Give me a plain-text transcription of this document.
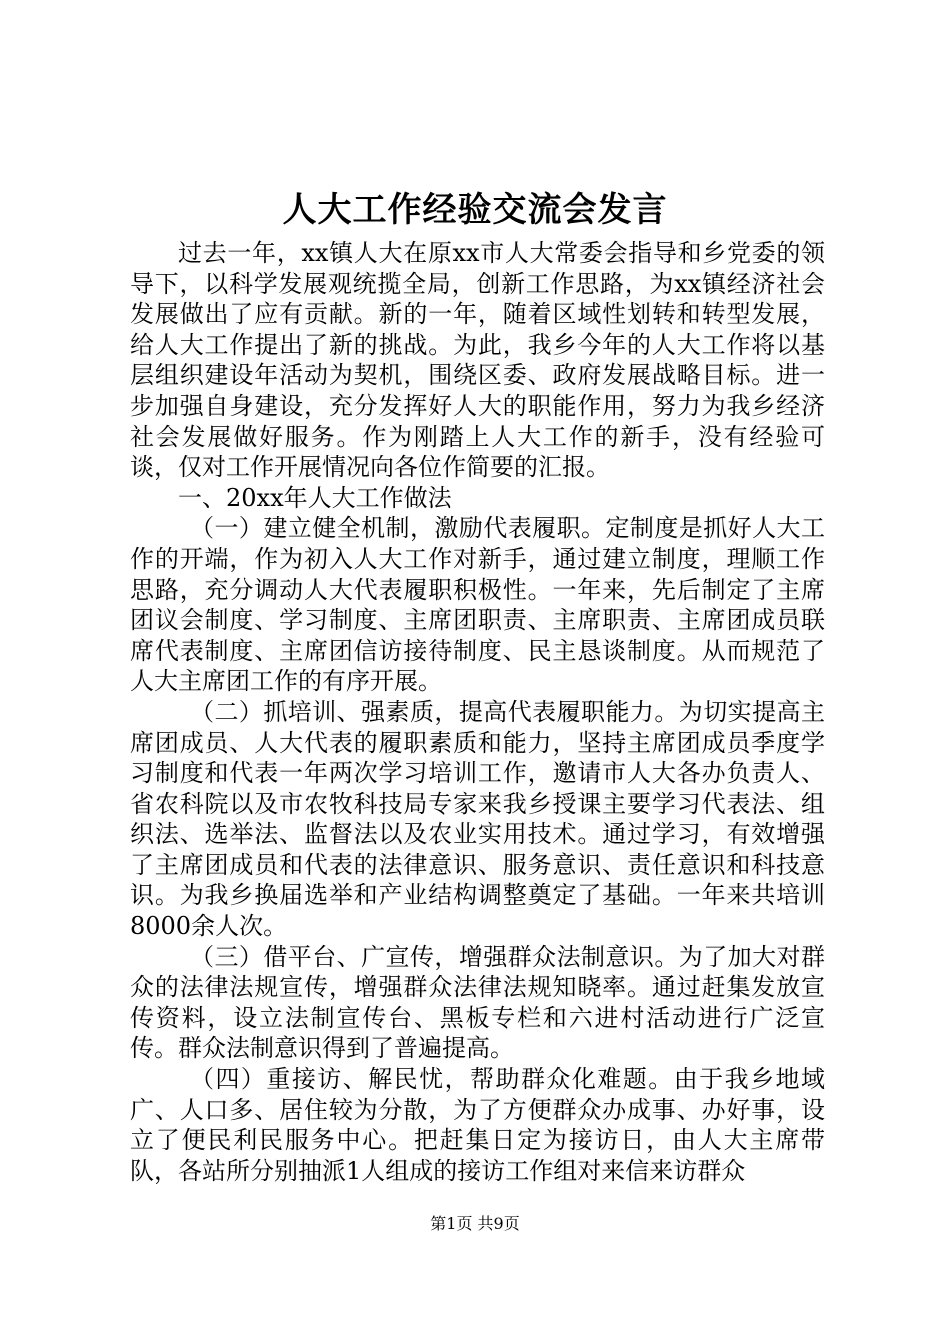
人大工作经验交流会发言

过去一年，xx镇人大在原xx市人大常委会指导和乡党委的领导下，以科学发展观统揽全局，创新工作思路，为xx镇经济社会发展做出了应有贡献。新的一年，随着区域性划转和转型发展，给人大工作提出了新的挑战。为此，我乡今年的人大工作将以基层组织建设年活动为契机，围绕区委、政府发展战略目标。进一步加强自身建设，充分发挥好人大的职能作用，努力为我乡经济社会发展做好服务。作为刚踏上人大工作的新手，没有经验可谈，仅对工作开展情况向各位作简要的汇报。

一、20xx年人大工作做法

（一）建立健全机制，激励代表履职。定制度是抓好人大工作的开端，作为初入人大工作对新手，通过建立制度，理顺工作思路，充分调动人大代表履职积极性。一年来，先后制定了主席团议会制度、学习制度、主席团职责、主席职责、主席团成员联席代表制度、主席团信访接待制度、民主恳谈制度。从而规范了人大主席团工作的有序开展。

（二）抓培训、强素质，提高代表履职能力。为切实提高主席团成员、人大代表的履职素质和能力，坚持主席团成员季度学习制度和代表一年两次学习培训工作，邀请市人大各办负责人、省农科院以及市农牧科技局专家来我乡授课主要学习代表法、组织法、选举法、监督法以及农业实用技术。通过学习，有效增强了主席团成员和代表的法律意识、服务意识、责任意识和科技意识。为我乡换届选举和产业结构调整奠定了基础。一年来共培训8000余人次。

（三）借平台、广宣传，增强群众法制意识。为了加大对群众的法律法规宣传，增强群众法律法规知晓率。通过赶集发放宣传资料，设立法制宣传台、黑板专栏和六进村活动进行广泛宣传。群众法制意识得到了普遍提高。

（四）重接访、解民忧，帮助群众化难题。由于我乡地域广、人口多、居住较为分散，为了方便群众办成事、办好事，设立了便民利民服务中心。把赶集日定为接访日，由人大主席带队，各站所分别抽派1人组成的接访工作组对来信来访群众

第1页 共9页
